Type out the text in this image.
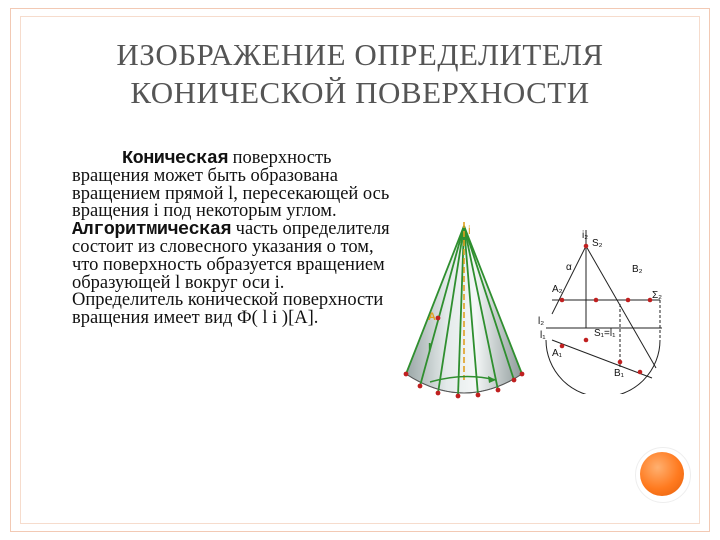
ИЗОБРАЖЕНИЕ ОПРЕДЕЛИТЕЛЯ
КОНИЧЕСКОЙ ПОВЕРХНОСТИ
Коническая поверхность вращения может быть образована вращением прямой l, пересекающей ось вращения i под некоторым углом. Алгоритмическая часть определителя состоит из словесного указания о том, что поверхность образуется вращением образующей l вокруг оси i. Определитель конической поверхности вращения имеет вид Ф( l i )[A].
i
A
l
i₂
S₂
α	B₂
A₂
Σ₂
l₂
l₁	S₁=l₁
A₁
B₁
